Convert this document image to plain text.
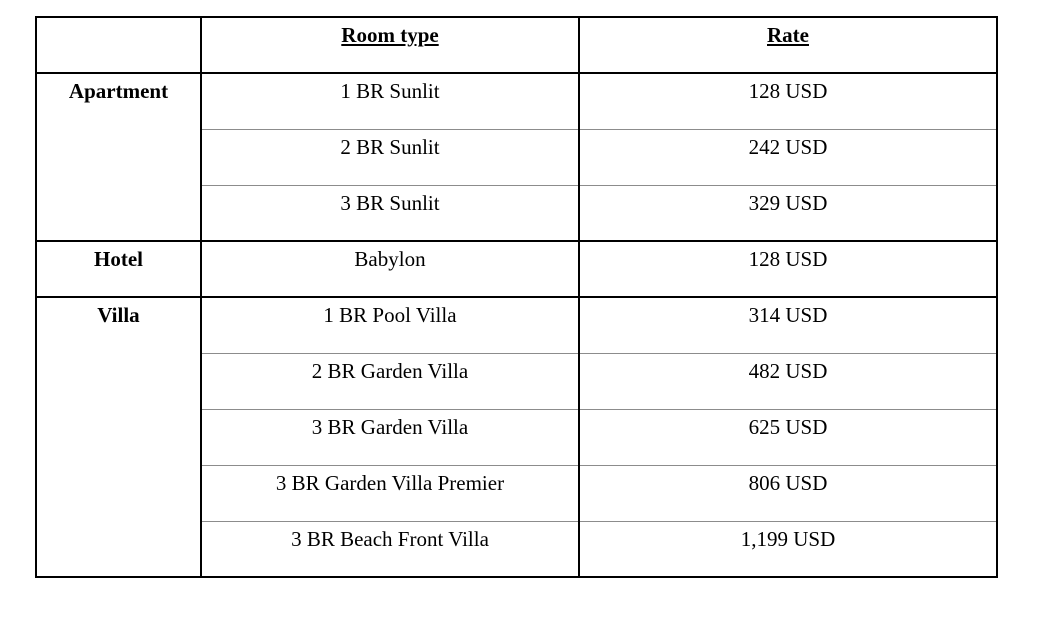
	Room type	Rate
Apartment	1 BR Sunlit	128 USD
	2 BR Sunlit	242 USD
	3 BR Sunlit	329 USD
Hotel	Babylon	128 USD
Villa	1 BR Pool Villa	314 USD
	2 BR Garden Villa	482 USD
	3 BR Garden Villa	625 USD
	3 BR Garden Villa Premier	806 USD
	3 BR Beach Front Villa	1,199 USD
